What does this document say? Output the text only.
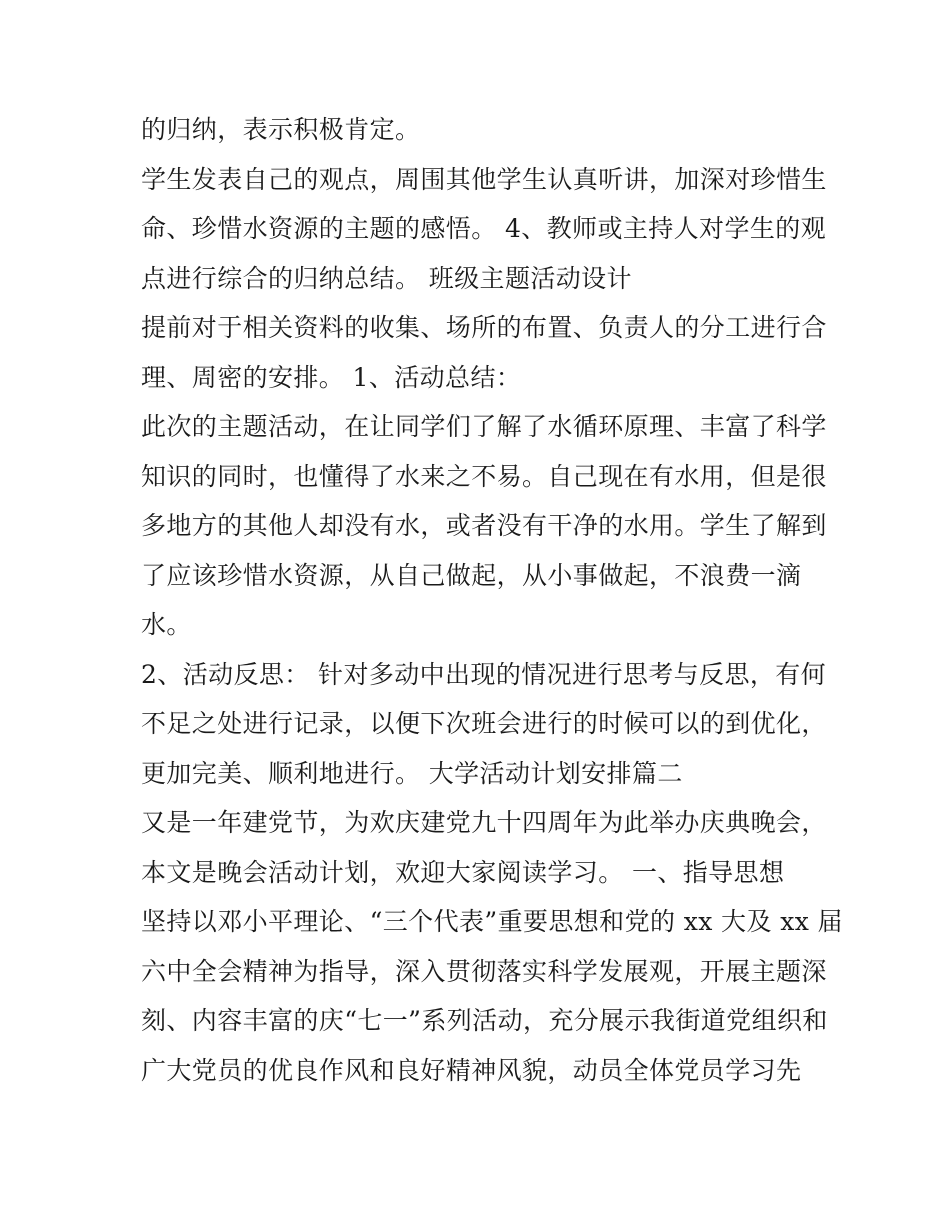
的归纳，表示积极肯定。
学生发表自己的观点，周围其他学生认真听讲，加深对珍惜生
命、珍惜水资源的主题的感悟。 4、教师或主持人对学生的观
点进行综合的归纳总结。 班级主题活动设计
提前对于相关资料的收集、场所的布置、负责人的分工进行合
理、周密的安排。 1、活动总结：
此次的主题活动，在让同学们了解了水循环原理、丰富了科学
知识的同时，也懂得了水来之不易。自己现在有水用，但是很
多地方的其他人却没有水，或者没有干净的水用。学生了解到
了应该珍惜水资源，从自己做起，从小事做起，不浪费一滴
水。
2、活动反思： 针对多动中出现的情况进行思考与反思，有何
不足之处进行记录，以便下次班会进行的时候可以的到优化，
更加完美、顺利地进行。 大学活动计划安排篇二
又是一年建党节，为欢庆建党九十四周年为此举办庆典晚会，
本文是晚会活动计划，欢迎大家阅读学习。 一、指导思想
坚持以邓小平理论、“三个代表”重要思想和党的 xx 大及 xx 届
六中全会精神为指导，深入贯彻落实科学发展观，开展主题深
刻、内容丰富的庆“七一”系列活动，充分展示我街道党组织和
广大党员的优良作风和良好精神风貌，动员全体党员学习先
